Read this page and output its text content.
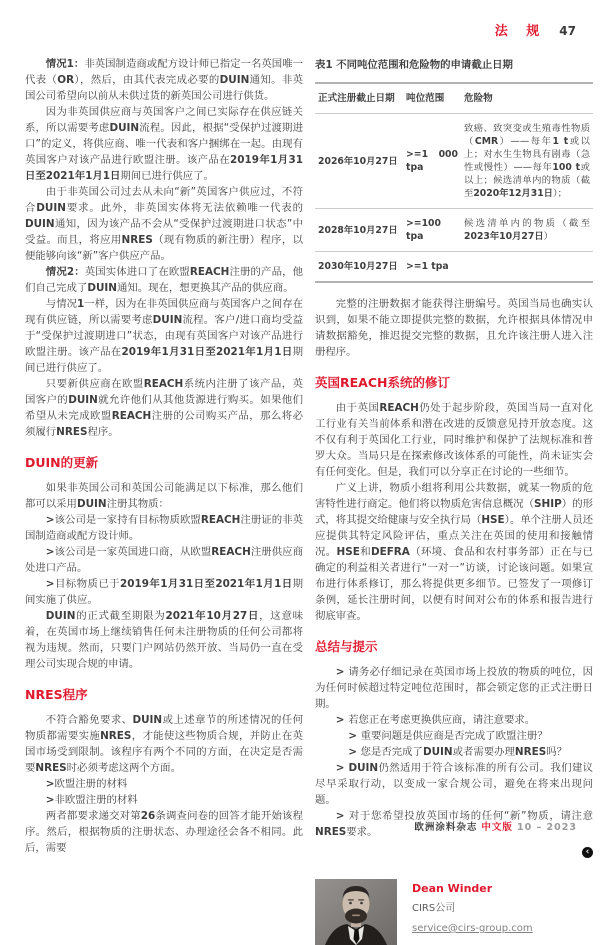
法 规 47

情况1：非英国制造商或配方设计师已指定一名英国唯一代表（OR），然后，由其代表完成必要的DUIN通知。非英国公司希望向以前从未供过货的新英国公司进行供货。

因为非英国供应商与英国客户之间已实际存在供应链关系，所以需要考虑DUIN流程。因此，根据“受保护过渡期进口”的定义，将供应商、唯一代表和客户捆绑在一起。由现有英国客户对该产品进行欧盟注册。该产品在2019年1月31日至2021年1月1日期间已进行供应了。

由于非英国公司过去从未向“新”英国客户供应过，不符合DUIN要求。此外，非英国实体将无法依赖唯一代表的DUIN通知，因为该产品不会从“受保护过渡期进口状态”中受益。而且，将应用NRES（现有物质的新注册）程序，以便能够向该“新”客户供应产品。

情况2：英国实体进口了在欧盟REACH注册的产品，他们自己完成了DUIN通知。现在，想更换其产品的供应商。

与情况1一样，因为在非英国供应商与英国客户之间存在现有供应链，所以需要考虑DUIN流程。客户/进口商均受益于“受保护过渡期进口”状态，由现有英国客户对该产品进行欧盟注册。该产品在2019年1月31日至2021年1月1日期间已进行供应了。

只要新供应商在欧盟REACH系统内注册了该产品，英国客户的DUIN就允许他们从其他货源进行购买。如果他们希望从未完成欧盟REACH注册的公司购买产品，那么将必须履行NRES程序。

DUIN的更新

如果非英国公司和英国公司能满足以下标准，那么他们都可以采用DUIN注册其物质：

>该公司是一家持有目标物质欧盟REACH注册证的非英国制造商或配方设计师。

>该公司是一家英国进口商，从欧盟REACH注册供应商处进口产品。

>目标物质已于2019年1月31日至2021年1月1日期间实施了供应。

DUIN的正式截至期限为2021年10月27日，这意味着，在英国市场上继续销售任何未注册物质的任何公司都将视为违规。然而，只要门户网站仍然开放、当局仍一直在受理公司实现合规的申请。

NRES程序

不符合豁免要求、DUIN或上述章节的所述情况的任何物质都需要实施NRES，才能使这些物质合规，并防止在英国市场受到限制。该程序有两个不同的方面，在决定是否需要NRES时必须考虑这两个方面。

>欧盟注册的材料

>非欧盟注册的材料

两者都要求递交对第26条调查问卷的回答才能开始该程序。然后，根据物质的注册状态、办理途径会各不相同。此后，需要

表1 不同吨位范围和危险物的申请截止日期
正式注册截止日期	吨位范围	危险物
2026年10月27日	>=1 000 tpa	致癌、致突变或生殖毒性物质（CMR）——每年1 t或以上；对水生生物具有剧毒（急性或慢性）——每年100 t或以上；候选清单内的物质（截至2020年12月31日）；
2028年10月27日	>=100 tpa	候选清单内的物质（截至2023年10月27日）
2030年10月27日	>=1 tpa	

完整的注册数据才能获得注册编号。英国当局也确实认识到，如果不能立即提供完整的数据，允许根据具体情况申请数据豁免，推迟提交完整的数据，且允许该注册人进入注册程序。

英国REACH系统的修订

由于英国REACH仍处于起步阶段，英国当局一直对化工行业有关当前体系和潜在改进的反馈意见持开放态度。这不仅有利于英国化工行业，同时维护和保护了法规标准和普罗大众。当局只是在探索修改该体系的可能性，尚未证实会有任何变化。但是，我们可以分享正在讨论的一些细节。

广义上讲，物质小组将利用公共数据，就某一物质的危害特性进行商定。他们将以物质危害信息概况（SHIP）的形式，将其提交给健康与安全执行局（HSE）。单个注册人员还应提供其特定风险评估，重点关注在英国的使用和接触情况。HSE和DEFRA（环境、食品和农村事务部）正在与已确定的利益相关者进行“一对一”访谈，讨论该问题。如果宣布进行体系修订，那么将提供更多细节。已签发了一项修订条例，延长注册时间，以便有时间对公布的体系和报告进行彻底审查。

总结与提示

> 请务必仔细记录在英国市场上投放的物质的吨位，因为任何时候超过特定吨位范围时，都会锁定您的正式注册日期。

> 若您正在考虑更换供应商，请注意要求。

> 重要问题是供应商是否完成了欧盟注册？

> 您是否完成了DUIN或者需要办理NRES吗？

> DUIN仍然适用于符合该标准的所有公司。我们建议尽早采取行动，以变成一家合规公司，避免在将来出现问题。

> 对于您希望投放英国市场的任何“新”物质，请注意NRES要求。

‹
Dean Winder
CIRS公司
service@cirs-group.com
欧洲涂料杂志 中文版 10 – 2023
